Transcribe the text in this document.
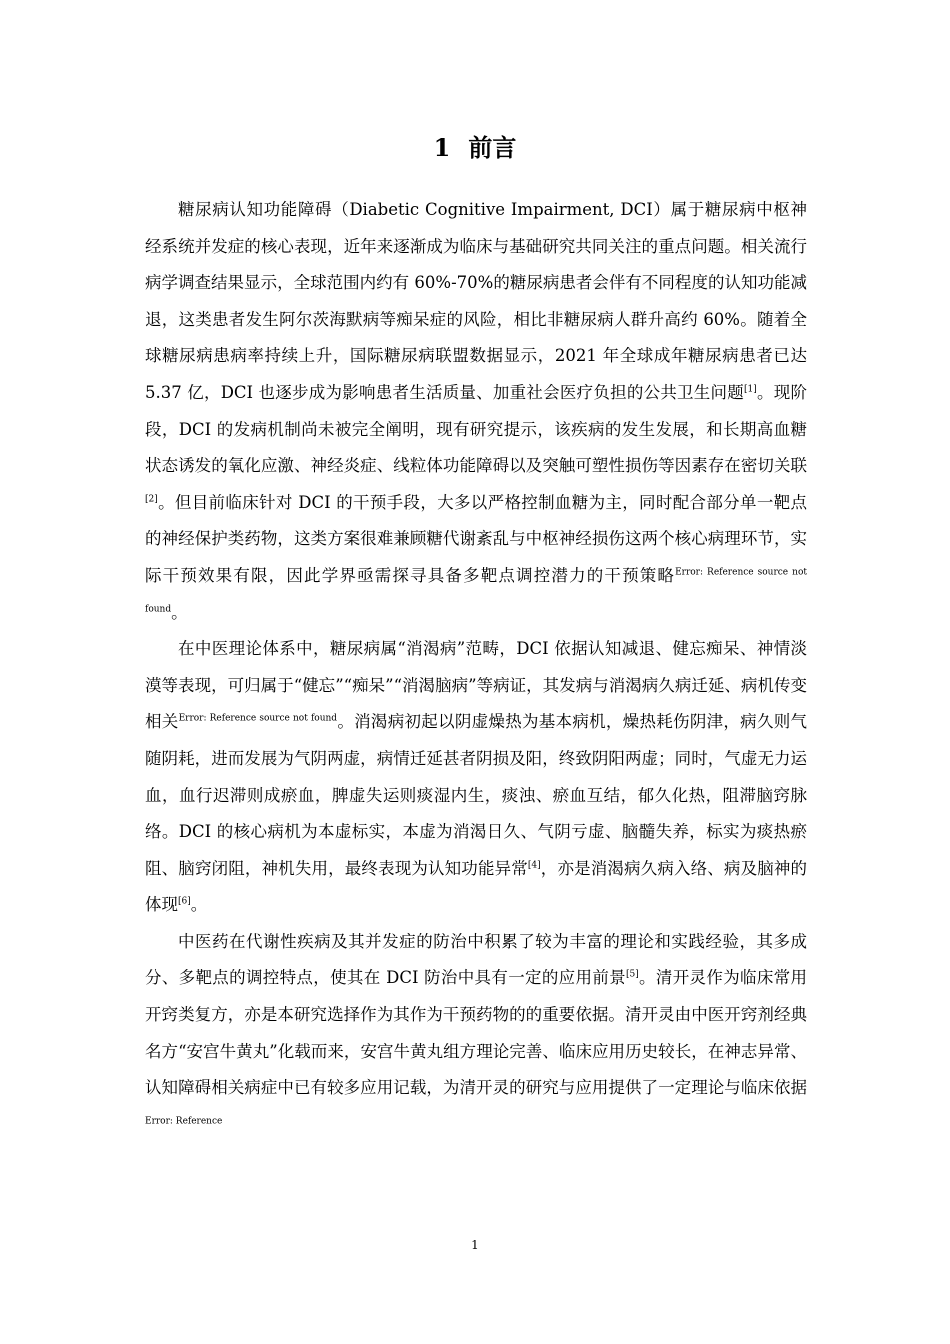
1 前言

糖尿病认知功能障碍（Diabetic Cognitive Impairment, DCI）属于糖尿病中枢神经系统并发症的核心表现，近年来逐渐成为临床与基础研究共同关注的重点问题。相关流行病学调查结果显示，全球范围内约有 60%-70%的糖尿病患者会伴有不同程度的认知功能减退，这类患者发生阿尔茨海默病等痴呆症的风险，相比非糖尿病人群升高约 60%。随着全球糖尿病患病率持续上升，国际糖尿病联盟数据显示，2021 年全球成年糖尿病患者已达 5.37 亿，DCI 也逐步成为影响患者生活质量、加重社会医疗负担的公共卫生问题[1]。现阶段，DCI 的发病机制尚未被完全阐明，现有研究提示，该疾病的发生发展，和长期高血糖状态诱发的氧化应激、神经炎症、线粒体功能障碍以及突触可塑性损伤等因素存在密切关联[2]。但目前临床针对 DCI 的干预手段，大多以严格控制血糖为主，同时配合部分单一靶点的神经保护类药物，这类方案很难兼顾糖代谢紊乱与中枢神经损伤这两个核心病理环节，实际干预效果有限，因此学界亟需探寻具备多靶点调控潜力的干预策略$^{Error: Reference source not found}$。

在中医理论体系中，糖尿病属“消渴病”范畴，DCI 依据认知减退、健忘痴呆、神情淡漠等表现，可归属于“健忘”“痴呆”“消渴脑病”等病证，其发病与消渴病久病迁延、病机传变相关$^{Error: Reference source not found}$。消渴病初起以阴虚燥热为基本病机，燥热耗伤阴津，病久则气随阴耗，进而发展为气阴两虚，病情迁延甚者阴损及阳，终致阴阳两虚；同时，气虚无力运血，血行迟滞则成瘀血，脾虚失运则痰湿内生，痰浊、瘀血互结，郁久化热，阻滞脑窍脉络。DCI 的核心病机为本虚标实，本虚为消渴日久、气阴亏虚、脑髓失养，标实为痰热瘀阻、脑窍闭阻，神机失用，最终表现为认知功能异常[4]，亦是消渴病久病入络、病及脑神的体现[6]。

中医药在代谢性疾病及其并发症的防治中积累了较为丰富的理论和实践经验，其多成分、多靶点的调控特点，使其在 DCI 防治中具有一定的应用前景[5]。清开灵作为临床常用开窍类复方，亦是本研究选择作为其作为干预药物的的重要依据。清开灵由中医开窍剂经典名方“安宫牛黄丸”化载而来，安宫牛黄丸组方理论完善、临床应用历史较长，在神志异常、认知障碍相关病症中已有较多应用记载，为清开灵的研究与应用提供了一定理论与临床依据$^{Error: Reference}$

1
